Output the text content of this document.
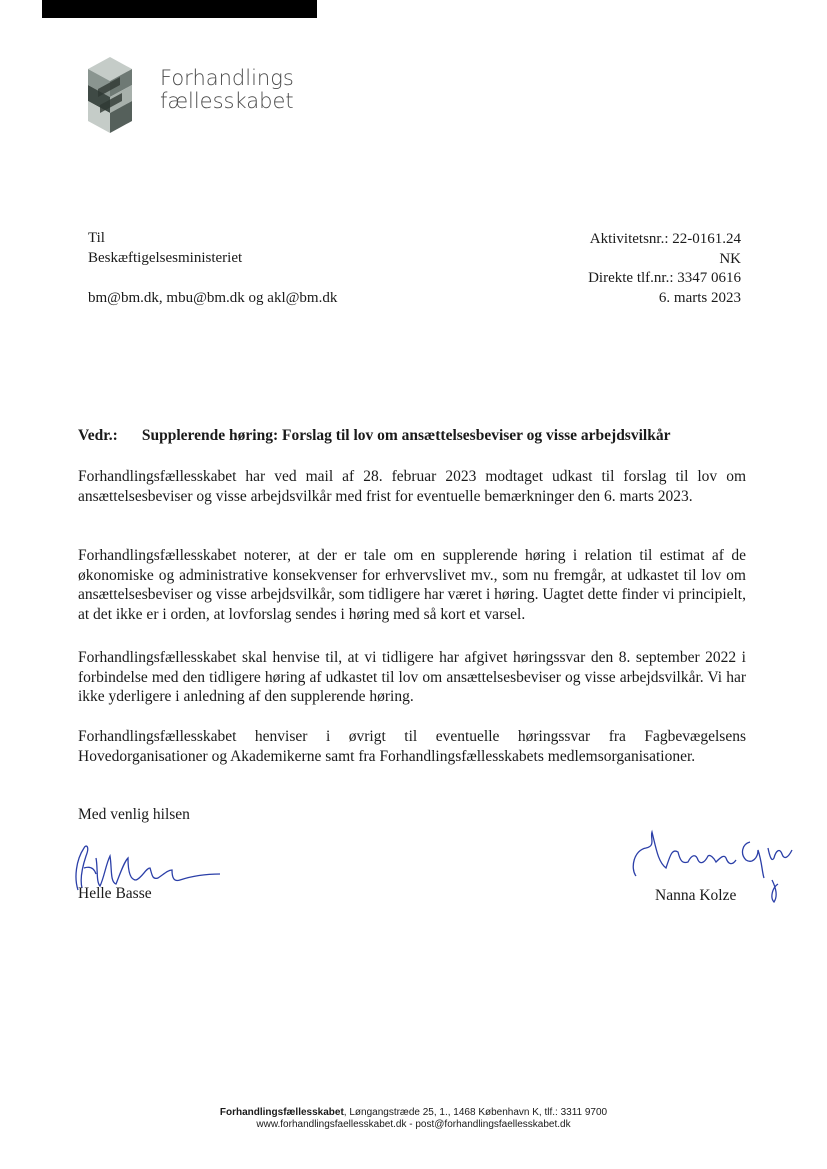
Forhandlings
fællesskabet
Til
Beskæftigelsesministeriet
bm@bm.dk, mbu@bm.dk og akl@bm.dk
Aktivitetsnr.: 22-0161.24
NK
Direkte tlf.nr.: 3347 0616
6. marts 2023
Vedr.: Supplerende høring: Forslag til lov om ansættelsesbeviser og visse arbejdsvilkår

Forhandlingsfællesskabet har ved mail af 28. februar 2023 modtaget udkast til forslag til lov om ansættelsesbeviser og visse arbejdsvilkår med frist for eventuelle bemærkninger den 6. marts 2023.

Forhandlingsfællesskabet noterer, at der er tale om en supplerende høring i relation til estimat af de økonomiske og administrative konsekvenser for erhvervslivet mv., som nu fremgår, at udkastet til lov om ansættelsesbeviser og visse arbejdsvilkår, som tidligere har været i høring. Uagtet dette finder vi principielt, at det ikke er i orden, at lovforslag sendes i høring med så kort et varsel.

Forhandlingsfællesskabet skal henvise til, at vi tidligere har afgivet høringssvar den 8. september 2022 i forbindelse med den tidligere høring af udkastet til lov om ansættelsesbeviser og visse arbejdsvilkår. Vi har ikke yderligere i anledning af den supplerende høring.

Forhandlingsfællesskabet henviser i øvrigt til eventuelle høringssvar fra Fagbevægelsens Hovedorganisationer og Akademikerne samt fra Forhandlingsfællesskabets medlemsorganisationer.

Med venlig hilsen
Helle Basse	Nanna Kolze
Forhandlingsfællesskabet, Løngangstræde 25, 1., 1468 København K, tlf.: 3311 9700
www.forhandlingsfaellesskabet.dk - post@forhandlingsfaellesskabet.dk
